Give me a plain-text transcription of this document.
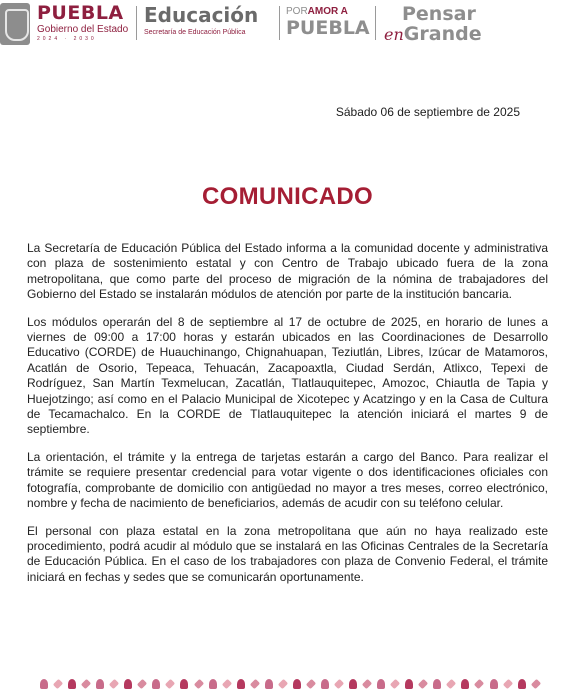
PUEBLA
Gobierno del Estado
2024 · 2030
Educación
Secretaría de Educación Pública
PORAMOR A
PUEBLA
Pensar
enGrande
Sábado 06 de septiembre de 2025
COMUNICADO

La Secretaría de Educación Pública del Estado informa a la comunidad docente y administrativa con plaza de sostenimiento estatal y con Centro de Trabajo ubicado fuera de la zona metropolitana, que como parte del proceso de migración de la nómina de trabajadores del Gobierno del Estado se instalarán módulos de atención por parte de la institución bancaria.

Los módulos operarán del 8 de septiembre al 17 de octubre de 2025, en horario de lunes a viernes de 09:00 a 17:00 horas y estarán ubicados en las Coordinaciones de Desarrollo Educativo (CORDE) de Huauchinango, Chignahuapan, Teziutlán, Libres, Izúcar de Matamoros, Acatlán de Osorio, Tepeaca, Tehuacán, Zacapoaxtla, Ciudad Serdán, Atlixco, Tepexi de Rodríguez, San Martín Texmelucan, Zacatlán, Tlatlauquitepec, Amozoc, Chiautla de Tapia y Huejotzingo; así como en el Palacio Municipal de Xicotepec y Acatzingo y en la Casa de Cultura de Tecamachalco. En la CORDE de Tlatlauquitepec la atención iniciará el martes 9 de septiembre.

La orientación, el trámite y la entrega de tarjetas estarán a cargo del Banco. Para realizar el trámite se requiere presentar credencial para votar vigente o dos identificaciones oficiales con fotografía, comprobante de domicilio con antigüedad no mayor a tres meses, correo electrónico, nombre y fecha de nacimiento de beneficiarios, además de acudir con su teléfono celular.

El personal con plaza estatal en la zona metropolitana que aún no haya realizado este procedimiento, podrá acudir al módulo que se instalará en las Oficinas Centrales de la Secretaría de Educación Pública. En el caso de los trabajadores con plaza de Convenio Federal, el trámite iniciará en fechas y sedes que se comunicarán oportunamente.
